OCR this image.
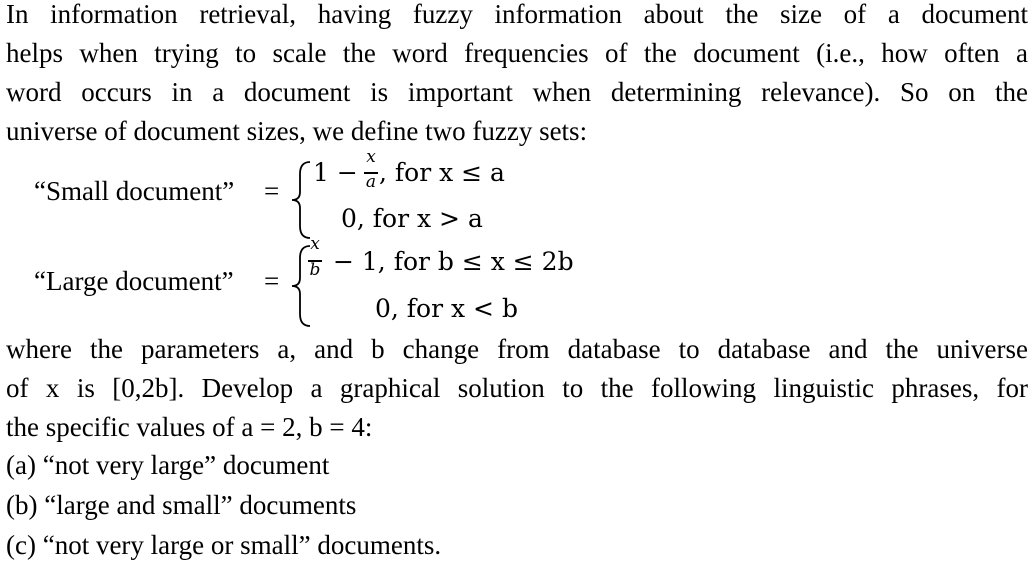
In information retrieval, having fuzzy information about the size of a document
helps when trying to scale the word frequencies of the document (i.e., how often a
word occurs in a document is important when determining relevance). So on the
universe of document sizes, we define two fuzzy sets:
“Small document” =
1 −
x
a , for x ≤ a
0, for x > a
“Large document” =
x
b − 1, for b ≤ x ≤ 2b
0, for x < b
where the parameters a, and b change from database to database and the universe
of x is [0,2b]. Develop a graphical solution to the following linguistic phrases, for
the specific values of a = 2, b = 4:
(a) “not very large” document
(b) “large and small” documents
(c) “not very large or small” documents.
